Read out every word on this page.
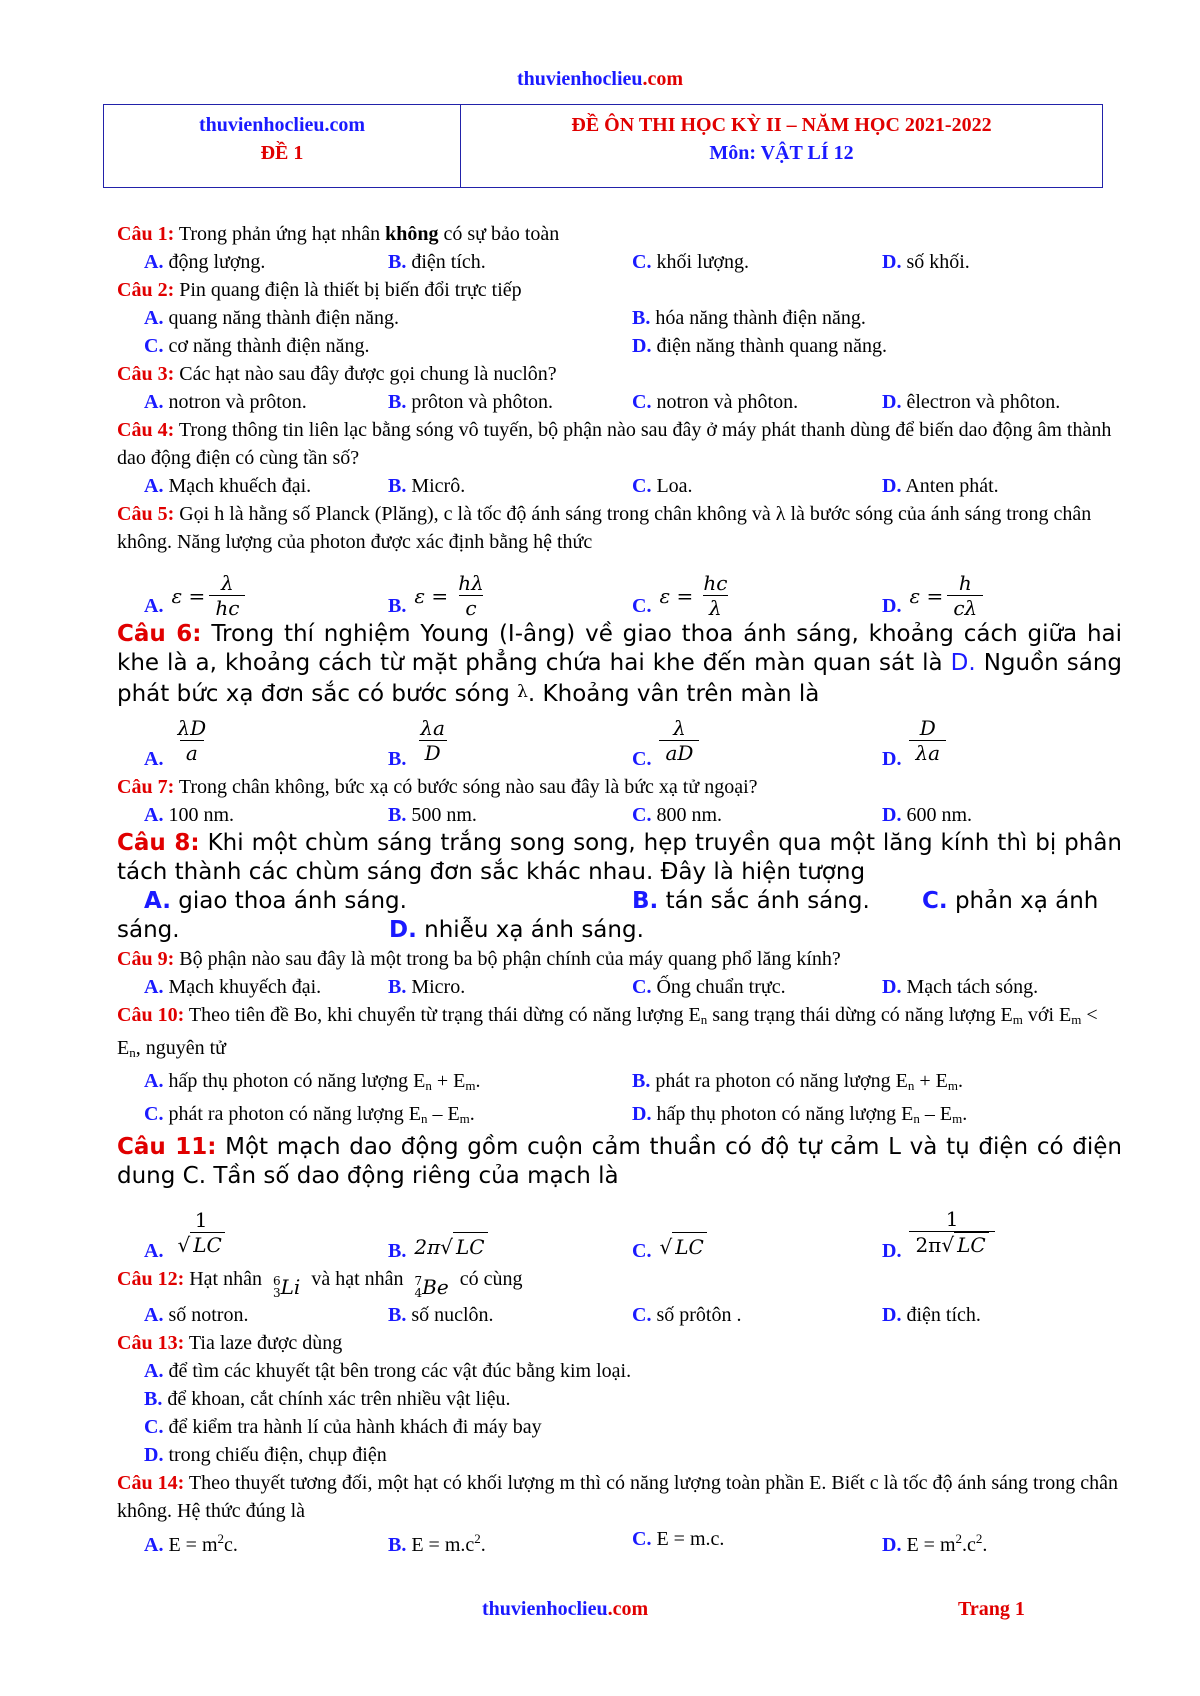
thuvienhoclieu.com
thuvienhoclieu.com
ĐỀ 1
ĐỀ ÔN THI HỌC KỲ II – NĂM HỌC 2021-2022
Môn: VẬT LÍ 12
Câu 1: Trong phản ứng hạt nhân không có sự bảo toàn
A. động lượng.	B. điện tích.	C. khối lượng.	D. số khối.
Câu 2: Pin quang điện là thiết bị biến đổi trực tiếp
A. quang năng thành điện năng.	B. hóa năng thành điện năng.
C. cơ năng thành điện năng.	D. điện năng thành quang năng.
Câu 3: Các hạt nào sau đây được gọi chung là nuclôn?
A. notron và prôton.	B. prôton và phôton.	C. notron và phôton.	D. êlectron và phôton.
Câu 4: Trong thông tin liên lạc bằng sóng vô tuyến, bộ phận nào sau đây ở máy phát thanh dùng để biến dao động âm thành dao động điện có cùng tần số?
A. Mạch khuếch đại.	B. Micrô.	C. Loa.	D. Anten phát.
Câu 5: Gọi h là hằng số Planck (Plăng), c là tốc độ ánh sáng trong chân không và λ là bước sóng của ánh sáng trong chân không. Năng lượng của photon được xác định bằng hệ thức
A. $\varepsilon = \frac{\lambda}{hc}$	B. $\varepsilon = \frac{h\lambda}{c}$	C. $\varepsilon = \frac{hc}{\lambda}$	D. $\varepsilon = \frac{h}{c\lambda}$
Câu 6: Trong thí nghiệm Young (I-âng) về giao thoa ánh sáng, khoảng cách giữa hai khe là a, khoảng cách từ mặt phẳng chứa hai khe đến màn quan sát là D. Nguồn sáng phát bức xạ đơn sắc có bước sóng λ. Khoảng vân trên màn là
A. $\frac{\lambda D}{a}$	B. $\frac{\lambda a}{D}$	C. $\frac{\lambda}{aD}$	D. $\frac{D}{\lambda a}$
Câu 7: Trong chân không, bức xạ có bước sóng nào sau đây là bức xạ tử ngoại?
A. 100 nm.	B. 500 nm.	C. 800 nm.	D. 600 nm.
Câu 8: Khi một chùm sáng trắng song song, hẹp truyền qua một lăng kính thì bị phân tách thành các chùm sáng đơn sắc khác nhau. Đây là hiện tượng
A. giao thoa ánh sáng.	B. tán sắc ánh sáng.	C. phản xạ ánh
sáng.	D. nhiễu xạ ánh sáng.
Câu 9: Bộ phận nào sau đây là một trong ba bộ phận chính của máy quang phổ lăng kính?
A. Mạch khuyếch đại.	B. Micro.	C. Ống chuẩn trực.	D. Mạch tách sóng.
Câu 10: Theo tiên đề Bo, khi chuyển từ trạng thái dừng có năng lượng $E_n$ sang trạng thái dừng có năng lượng $E_m$ với $E_m < E_n$, nguyên tử
A. hấp thụ photon có năng lượng $E_n + E_m$.	B. phát ra photon có năng lượng $E_n + E_m$.
C. phát ra photon có năng lượng $E_n - E_m$.	D. hấp thụ photon có năng lượng $E_n - E_m$.
Câu 11: Một mạch dao động gồm cuộn cảm thuần có độ tự cảm L và tụ điện có điện dung C. Tần số dao động riêng của mạch là
A.
1
√ LC	B. 2π √ LC	C. √ LC	D. $\frac{1}{2\pi√ LC}$
Câu 12: Hạt nhân 6
3 Li và hạt nhân 7
4 Be có cùng
A. số notron.	B. số nuclôn.	C. số prôtôn .	D. điện tích.
Câu 13: Tia laze được dùng
A. để tìm các khuyết tật bên trong các vật đúc bằng kim loại.
B. để khoan, cắt chính xác trên nhiều vật liệu.
C. để kiểm tra hành lí của hành khách đi máy bay
D. trong chiếu điện, chụp điện
Câu 14: Theo thuyết tương đối, một hạt có khối lượng m thì có năng lượng toàn phần E. Biết c là tốc độ ánh sáng trong chân không. Hệ thức đúng là
A. $E = m^2c$.	B. $E = m.c^2$.	C. E = m.c.	D. $E = m^2.c^2$.
thuvienhoclieu.com	Trang 1
